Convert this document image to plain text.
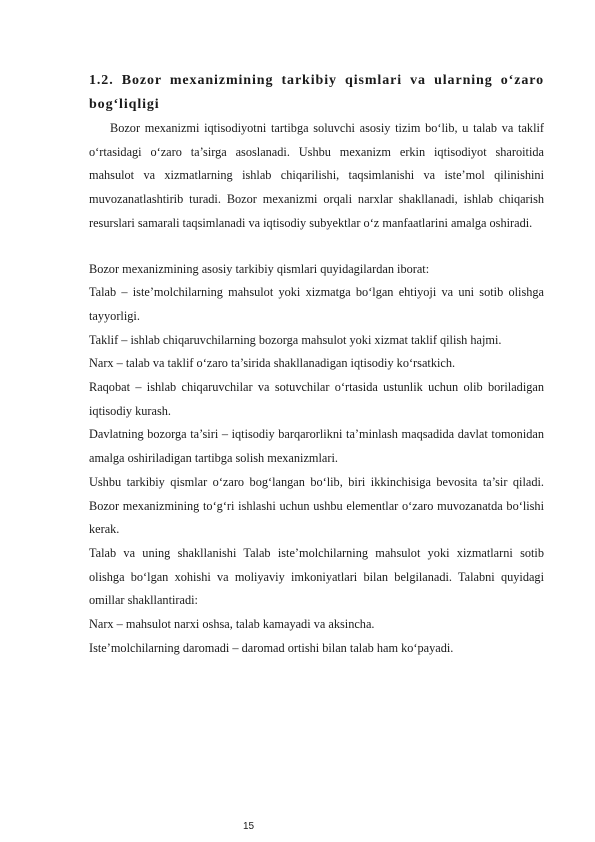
1.2. Bozor mexanizmining tarkibiy qismlari va ularning o‘zaro bog‘liqligi

Bozor mexanizmi iqtisodiyotni tartibga soluvchi asosiy tizim bo‘lib, u talab va taklif o‘rtasidagi o‘zaro ta’sirga asoslanadi. Ushbu mexanizm erkin iqtisodiyot sharoitida mahsulot va xizmatlarning ishlab chiqarilishi, taqsimlanishi va iste’mol qilinishini muvozanatlashtirib turadi. Bozor mexanizmi orqali narxlar shakllanadi, ishlab chiqarish resurslari samarali taqsimlanadi va iqtisodiy subyektlar o‘z manfaatlarini amalga oshiradi.

Bozor mexanizmining asosiy tarkibiy qismlari quyidagilardan iborat:

Talab – iste’molchilarning mahsulot yoki xizmatga bo‘lgan ehtiyoji va uni sotib olishga tayyorligi.

Taklif – ishlab chiqaruvchilarning bozorga mahsulot yoki xizmat taklif qilish hajmi.

Narx – talab va taklif o‘zaro ta’sirida shakllanadigan iqtisodiy ko‘rsatkich.

Raqobat – ishlab chiqaruvchilar va sotuvchilar o‘rtasida ustunlik uchun olib boriladigan iqtisodiy kurash.

Davlatning bozorga ta’siri – iqtisodiy barqarorlikni ta’minlash maqsadida davlat tomonidan amalga oshiriladigan tartibga solish mexanizmlari.

Ushbu tarkibiy qismlar o‘zaro bog‘langan bo‘lib, biri ikkinchisiga bevosita ta’sir qiladi. Bozor mexanizmining to‘g‘ri ishlashi uchun ushbu elementlar o‘zaro muvozanatda bo‘lishi kerak.

Talab va uning shakllanishi Talab iste’molchilarning mahsulot yoki xizmatlarni sotib olishga bo‘lgan xohishi va moliyaviy imkoniyatlari bilan belgilanadi. Talabni quyidagi omillar shakllantiradi:

Narx – mahsulot narxi oshsa, talab kamayadi va aksincha.

Iste’molchilarning daromadi – daromad ortishi bilan talab ham ko‘payadi.

15
